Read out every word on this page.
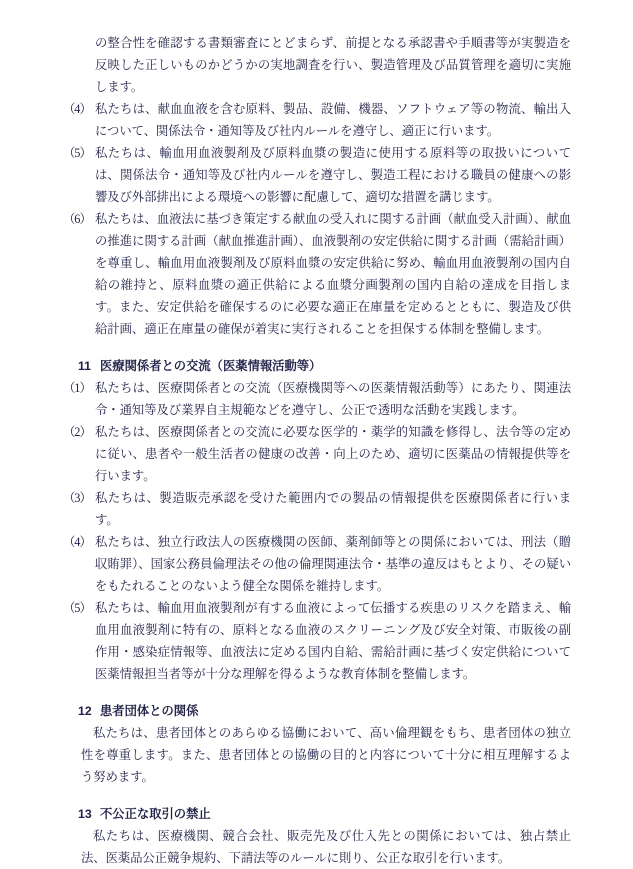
の整合性を確認する書類審査にとどまらず、前提となる承認書や手順書等が実製造を反映した正しいものかどうかの実地調査を行い、製造管理及び品質管理を適切に実施します。
（4） 私たちは、献血血液を含む原料、製品、設備、機器、ソフトウェア等の物流、輸出入について、関係法令・通知等及び社内ルールを遵守し、適正に行います。
（5） 私たちは、輸血用血液製剤及び原料血漿の製造に使用する原料等の取扱いについては、関係法令・通知等及び社内ルールを遵守し、製造工程における職員の健康への影響及び外部排出による環境への影響に配慮して、適切な措置を講じます。
（6） 私たちは、血液法に基づき策定する献血の受入れに関する計画（献血受入計画）、献血の推進に関する計画（献血推進計画）、血液製剤の安定供給に関する計画（需給計画）を尊重し、輸血用血液製剤及び原料血漿の安定供給に努め、輸血用血液製剤の国内自給の維持と、原料血漿の適正供給による血漿分画製剤の国内自給の達成を目指します。また、安定供給を確保するのに必要な適正在庫量を定めるとともに、製造及び供給計画、適正在庫量の確保が着実に実行されることを担保する体制を整備します。
11 医療関係者との交流（医薬情報活動等）
（1） 私たちは、医療関係者との交流（医療機関等への医薬情報活動等）にあたり、関連法令・通知等及び業界自主規範などを遵守し、公正で透明な活動を実践します。
（2） 私たちは、医療関係者との交流に必要な医学的・薬学的知識を修得し、法令等の定めに従い、患者や一般生活者の健康の改善・向上のため、適切に医薬品の情報提供等を行います。
（3） 私たちは、製造販売承認を受けた範囲内での製品の情報提供を医療関係者に行います。
（4） 私たちは、独立行政法人の医療機関の医師、薬剤師等との関係においては、刑法（贈収賄罪）、国家公務員倫理法その他の倫理関連法令・基準の違反はもとより、その疑いをもたれることのないよう健全な関係を維持します。
（5） 私たちは、輸血用血液製剤が有する血液によって伝播する疾患のリスクを踏まえ、輸血用血液製剤に特有の、原料となる血液のスクリーニング及び安全対策、市販後の副作用・感染症情報等、血液法に定める国内自給、需給計画に基づく安定供給について医薬情報担当者等が十分な理解を得るような教育体制を整備します。
12 患者団体との関係
私たちは、患者団体とのあらゆる協働において、高い倫理観をもち、患者団体の独立性を尊重します。また、患者団体との協働の目的と内容について十分に相互理解するよう努めます。
13 不公正な取引の禁止
私たちは、医療機関、競合会社、販売先及び仕入先との関係においては、独占禁止法、医薬品公正競争規約、下請法等のルールに則り、公正な取引を行います。
